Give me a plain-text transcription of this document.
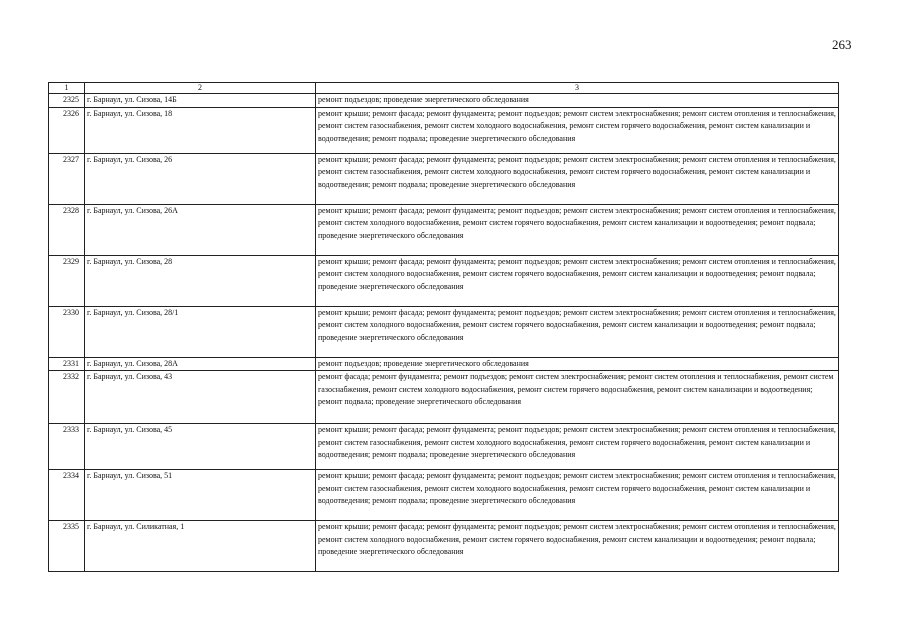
263
1	2	3
2325	г. Барнаул, ул. Сизова, 14Б	ремонт подъездов; проведение энергетического обследования
2326	г. Барнаул, ул. Сизова, 18	ремонт крыши; ремонт фасада; ремонт фундамента; ремонт подъездов; ремонт систем электроснабжения; ремонт систем отопления и теплоснабжения, ремонт систем газоснабжения, ремонт систем холодного водоснабжения, ремонт систем горячего водоснабжения, ремонт систем канализации и водоотведения; ремонт подвала; проведение энергетического обследования
2327	г. Барнаул, ул. Сизова, 26	ремонт крыши; ремонт фасада; ремонт фундамента; ремонт подъездов; ремонт систем электроснабжения; ремонт систем отопления и теплоснабжения, ремонт систем газоснабжения, ремонт систем холодного водоснабжения, ремонт систем горячего водоснабжения, ремонт систем канализации и водоотведения; ремонт подвала; проведение энергетического обследования
2328	г. Барнаул, ул. Сизова, 26А	ремонт крыши; ремонт фасада; ремонт фундамента; ремонт подъездов; ремонт систем электроснабжения; ремонт систем отопления и теплоснабжения, ремонт систем холодного водоснабжения, ремонт систем горячего водоснабжения, ремонт систем канализации и водоотведения; ремонт подвала; проведение энергетического обследования
2329	г. Барнаул, ул. Сизова, 28	ремонт крыши; ремонт фасада; ремонт фундамента; ремонт подъездов; ремонт систем электроснабжения; ремонт систем отопления и теплоснабжения, ремонт систем холодного водоснабжения, ремонт систем горячего водоснабжения, ремонт систем канализации и водоотведения; ремонт подвала; проведение энергетического обследования
2330	г. Барнаул, ул. Сизова, 28/1	ремонт крыши; ремонт фасада; ремонт фундамента; ремонт подъездов; ремонт систем электроснабжения; ремонт систем отопления и теплоснабжения, ремонт систем холодного водоснабжения, ремонт систем горячего водоснабжения, ремонт систем канализации и водоотведения; ремонт подвала; проведение энергетического обследования
2331	г. Барнаул, ул. Сизова, 28А	ремонт подъездов; проведение энергетического обследования
2332	г. Барнаул, ул. Сизова, 43	ремонт фасада; ремонт фундамента; ремонт подъездов; ремонт систем электроснабжения; ремонт систем отопления и теплоснабжения, ремонт систем газоснабжения, ремонт систем холодного водоснабжения, ремонт систем горячего водоснабжения, ремонт систем канализации и водоотведения; ремонт подвала; проведение энергетического обследования
2333	г. Барнаул, ул. Сизова, 45	ремонт крыши; ремонт фасада; ремонт фундамента; ремонт подъездов; ремонт систем электроснабжения; ремонт систем отопления и теплоснабжения, ремонт систем газоснабжения, ремонт систем холодного водоснабжения, ремонт систем горячего водоснабжения, ремонт систем канализации и водоотведения; ремонт подвала; проведение энергетического обследования
2334	г. Барнаул, ул. Сизова, 51	ремонт крыши; ремонт фасада; ремонт фундамента; ремонт подъездов; ремонт систем электроснабжения; ремонт систем отопления и теплоснабжения, ремонт систем газоснабжения, ремонт систем холодного водоснабжения, ремонт систем горячего водоснабжения, ремонт систем канализации и водоотведения; ремонт подвала; проведение энергетического обследования
2335	г. Барнаул, ул. Силикатная, 1	ремонт крыши; ремонт фасада; ремонт фундамента; ремонт подъездов; ремонт систем электроснабжения; ремонт систем отопления и теплоснабжения, ремонт систем холодного водоснабжения, ремонт систем горячего водоснабжения, ремонт систем канализации и водоотведения; ремонт подвала; проведение энергетического обследования
